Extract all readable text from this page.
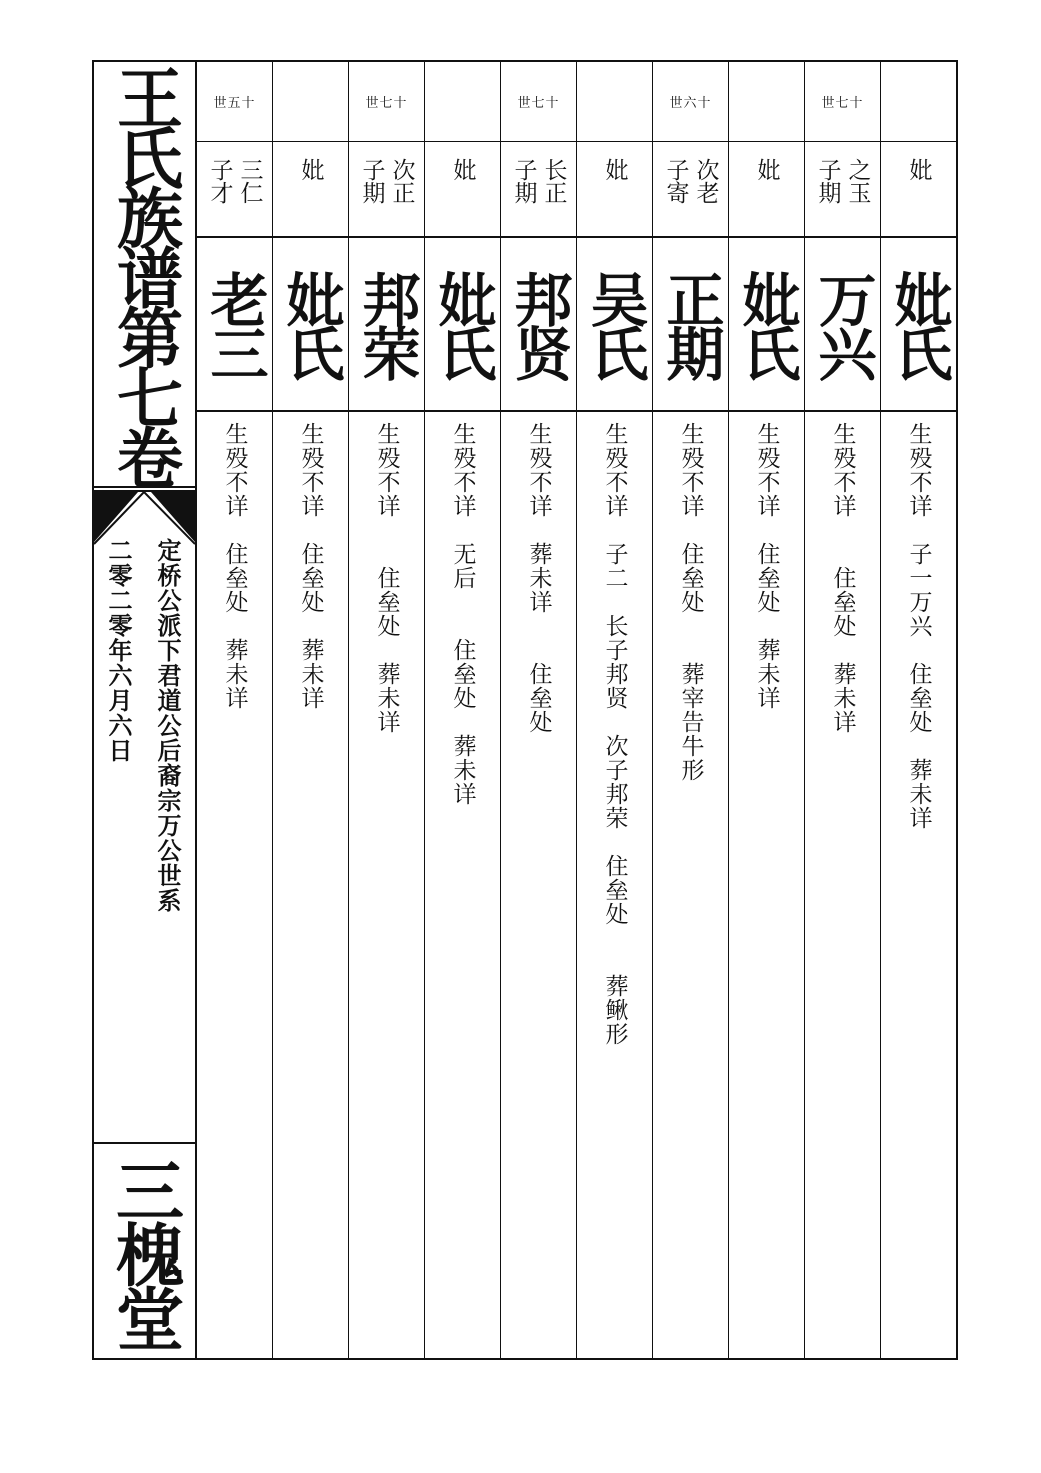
王氏族谱第七卷
定桥公派下君道公后裔宗万公世系
二零二零年六月六日
三槐堂
世五十
三仁
子才
老三
生殁不详　住垒处　葬未详
妣
妣氏
生殁不详　住垒处　葬未详
世七十
次正
子期
邦荣
生殁不详　　住垒处　葬未详
妣
妣氏
生殁不详　无后　　住垒处　葬未详
世七十
长正
子期
邦贤
生殁不详　葬未详　　住垒处
妣
吴氏
生殁不详　子二　长子邦贤　次子邦荣　住垒处　　葬鳅形
世六十
次老
子寄
正期
生殁不详　住垒处　　葬宰告牛形
妣
妣氏
生殁不详　住垒处　葬未详
世七十
之玉
子期
万兴
生殁不详　　住垒处　葬未详
妣
妣氏
生殁不详　子一万兴　住垒处　葬未详
